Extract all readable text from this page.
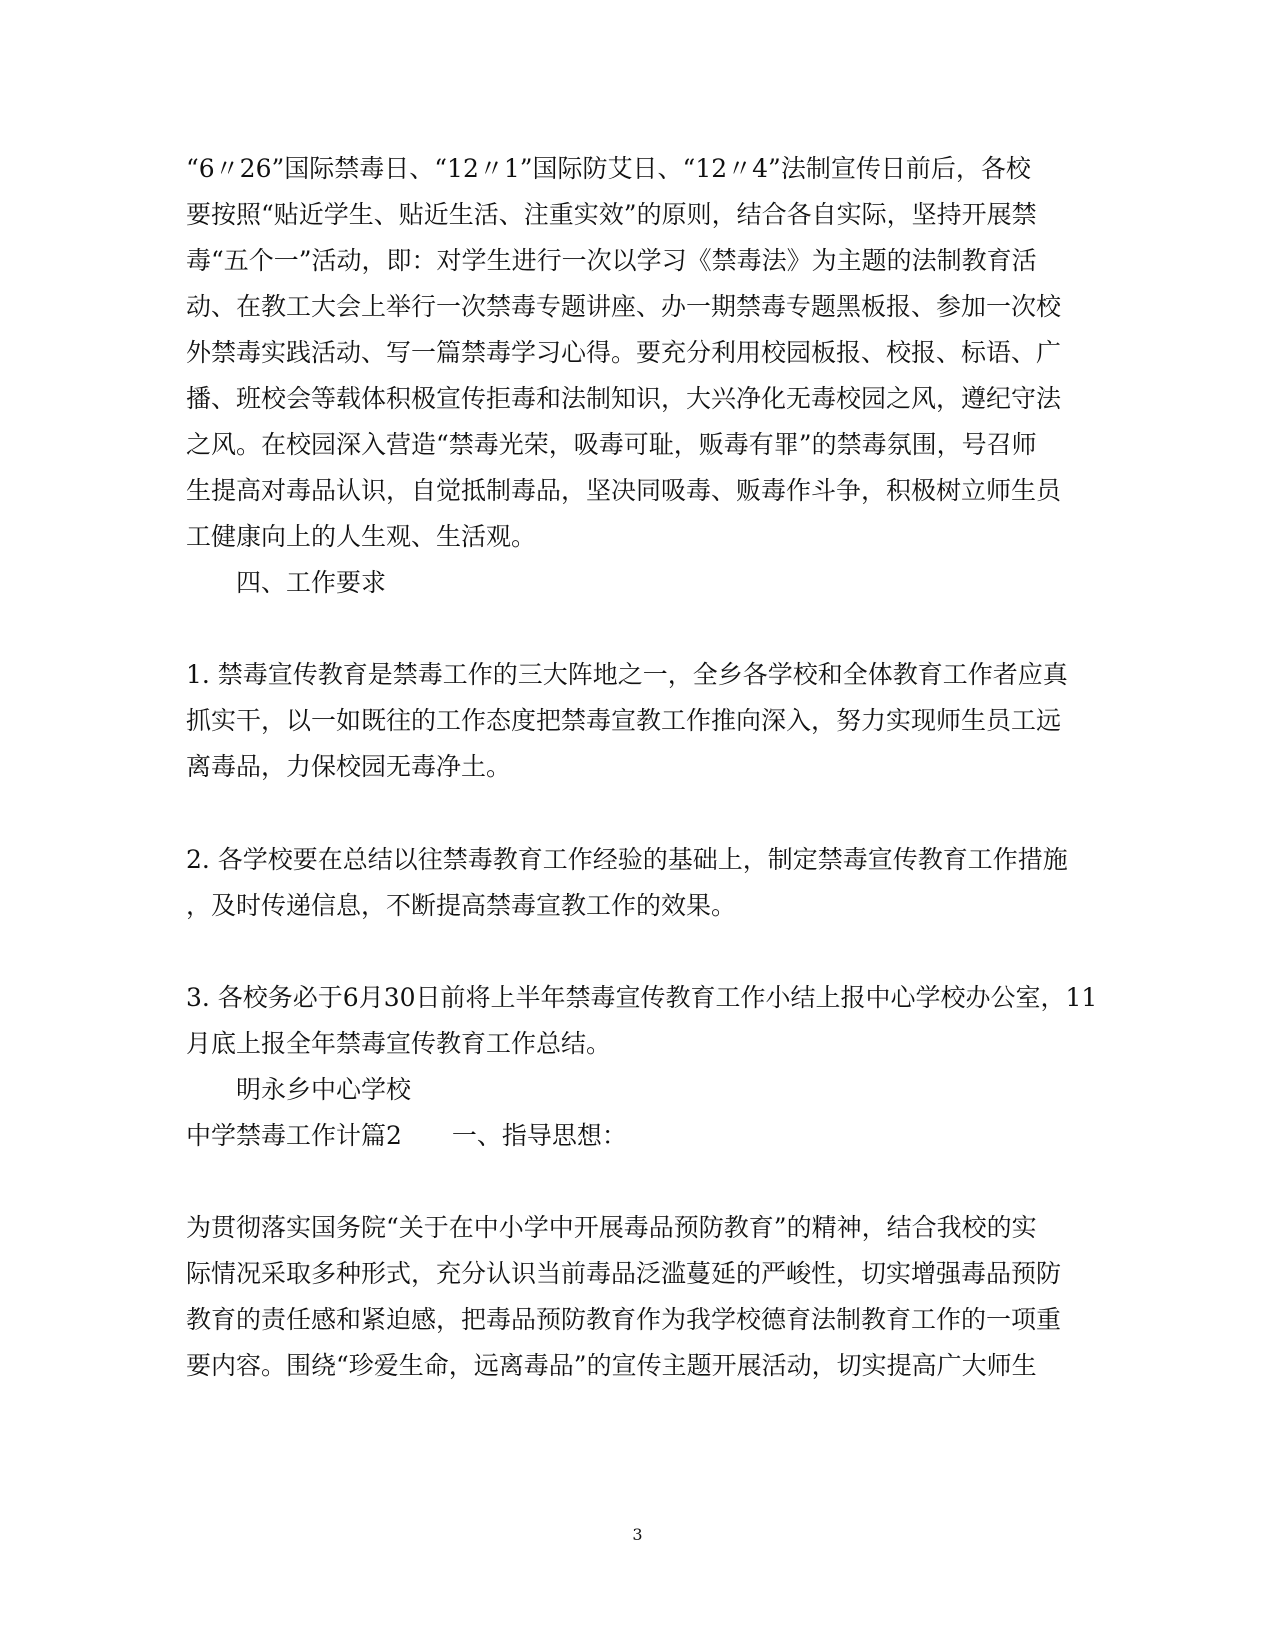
“6〃26”国际禁毒日、“12〃1”国际防艾日、“12〃4”法制宣传日前后，各校
要按照“贴近学生、贴近生活、注重实效”的原则，结合各自实际，坚持开展禁
毒“五个一”活动，即：对学生进行一次以学习《禁毒法》为主题的法制教育活
动、在教工大会上举行一次禁毒专题讲座、办一期禁毒专题黑板报、参加一次校
外禁毒实践活动、写一篇禁毒学习心得。要充分利用校园板报、校报、标语、广
播、班校会等载体积极宣传拒毒和法制知识，大兴净化无毒校园之风，遵纪守法
之风。在校园深入营造“禁毒光荣，吸毒可耻，贩毒有罪”的禁毒氛围，号召师
生提高对毒品认识，自觉抵制毒品，坚决同吸毒、贩毒作斗争，积极树立师生员
工健康向上的人生观、生活观。
四、工作要求
1. 禁毒宣传教育是禁毒工作的三大阵地之一，全乡各学校和全体教育工作者应真
抓实干，以一如既往的工作态度把禁毒宣教工作推向深入，努力实现师生员工远
离毒品，力保校园无毒净土。
2. 各学校要在总结以往禁毒教育工作经验的基础上，制定禁毒宣传教育工作措施
，及时传递信息，不断提高禁毒宣教工作的效果。
3. 各校务必于6月30日前将上半年禁毒宣传教育工作小结上报中心学校办公室，11
月底上报全年禁毒宣传教育工作总结。
明永乡中心学校
中学禁毒工作计篇2　　一、指导思想：
为贯彻落实国务院“关于在中小学中开展毒品预防教育”的精神，结合我校的实
际情况采取多种形式，充分认识当前毒品泛滥蔓延的严峻性，切实增强毒品预防
教育的责任感和紧迫感，把毒品预防教育作为我学校德育法制教育工作的一项重
要内容。围绕“珍爱生命，远离毒品”的宣传主题开展活动，切实提高广大师生
3
